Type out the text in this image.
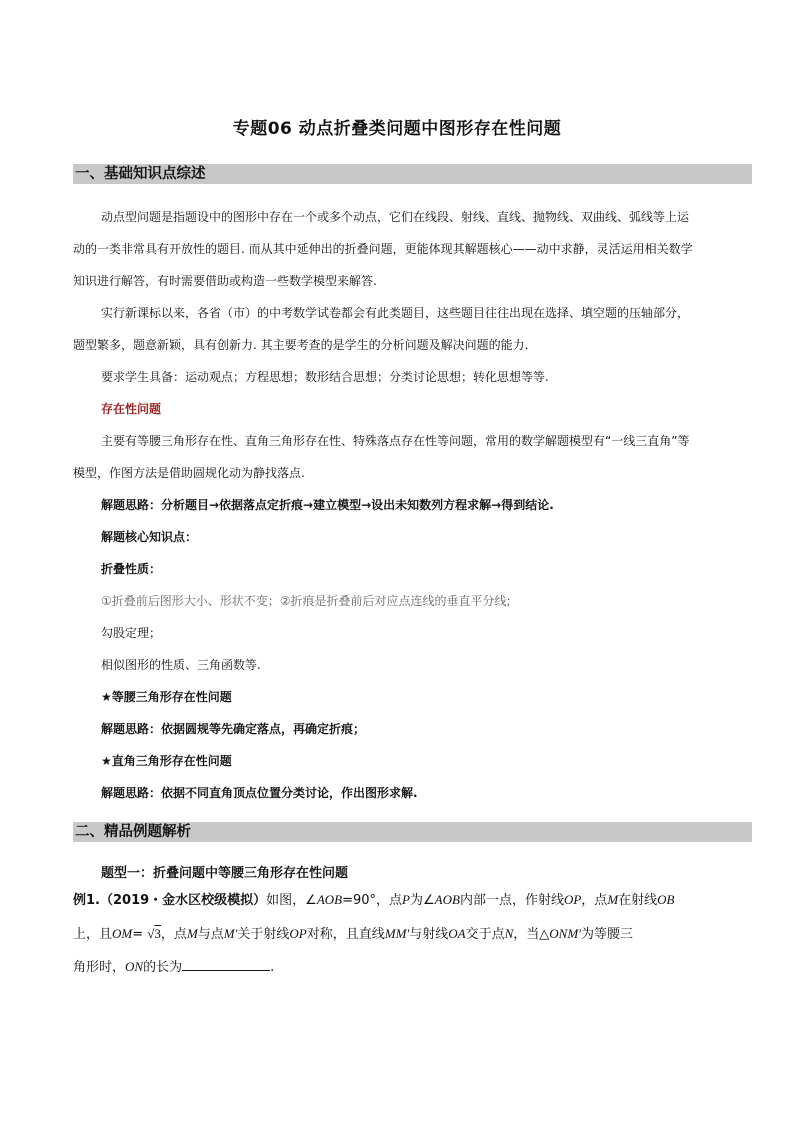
专题06 动点折叠类问题中图形存在性问题
一、基础知识点综述
动点型问题是指题设中的图形中存在一个或多个动点，它们在线段、射线、直线、抛物线、双曲线、弧线等上运
动的一类非常具有开放性的题目. 而从其中延伸出的折叠问题，更能体现其解题核心——动中求静，灵活运用相关数学
知识进行解答，有时需要借助或构造一些数学模型来解答.
实行新课标以来，各省（市）的中考数学试卷都会有此类题目，这些题目往往出现在选择、填空题的压轴部分，
题型繁多，题意新颖，具有创新力. 其主要考查的是学生的分析问题及解决问题的能力.
要求学生具备：运动观点；方程思想；数形结合思想；分类讨论思想；转化思想等等.
存在性问题
主要有等腰三角形存在性、直角三角形存在性、特殊落点存在性等问题，常用的数学解题模型有“一线三直角”等
模型，作图方法是借助圆规化动为静找落点.
解题思路：分析题目→依据落点定折痕→建立模型→设出未知数列方程求解→得到结论.
解题核心知识点：
折叠性质：
①折叠前后图形大小、形状不变；②折痕是折叠前后对应点连线的垂直平分线;
勾股定理；
相似图形的性质、三角函数等.
★等腰三角形存在性问题
解题思路：依据圆规等先确定落点，再确定折痕；
★直角三角形存在性问题
解题思路：依据不同直角顶点位置分类讨论，作出图形求解.
二、精品例题解析
题型一：折叠问题中等腰三角形存在性问题
例1.（2019・金水区校级模拟）如图，∠AOB=90°，点P为∠AOB内部一点，作射线OP，点M在射线OB
上，且OM= √3，点M与点M'关于射线OP对称，且直线MM'与射线OA交于点N，当△ONM'为等腰三
角形时，ON的长为	.
